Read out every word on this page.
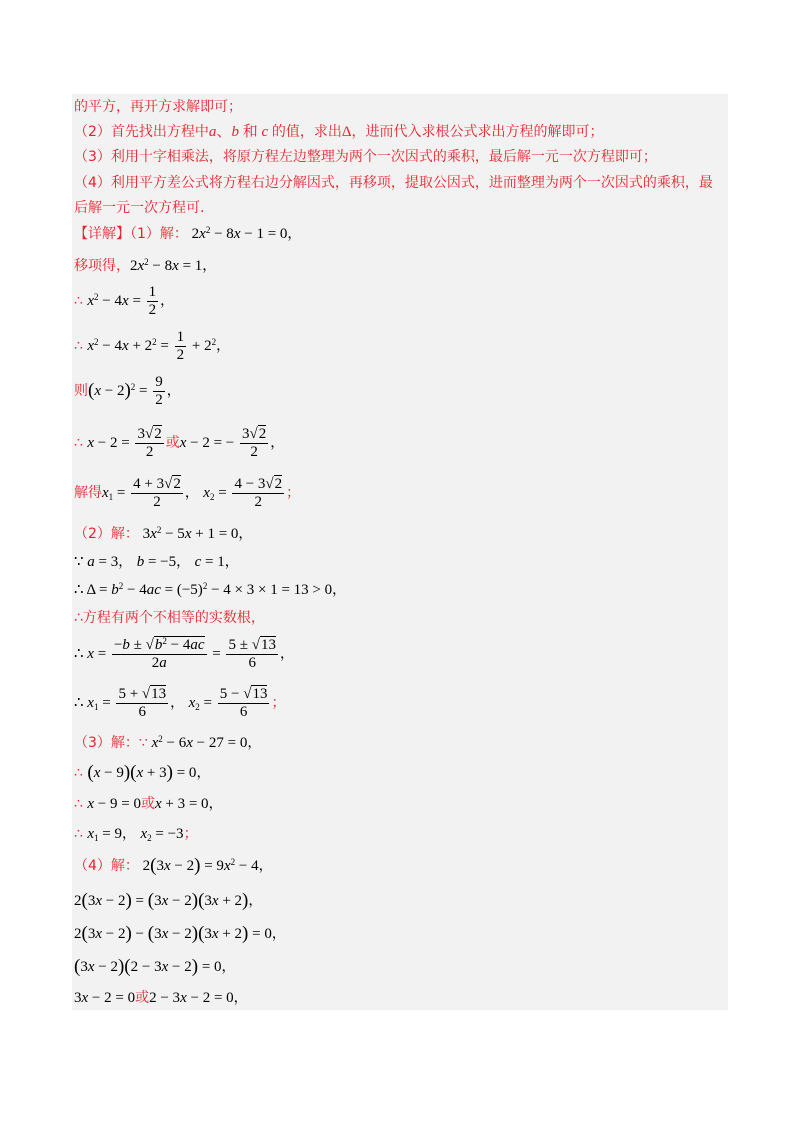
的平方，再开方求解即可；
（2）首先找出方程中a、b 和 c 的值，求出Δ，进而代入求根公式求出方程的解即可；
（3）利用十字相乘法，将原方程左边整理为两个一次因式的乘积，最后解一元一次方程即可；
（4）利用平方差公式将方程右边分解因式，再移项，提取公因式，进而整理为两个一次因式的乘积，最
后解一元一次方程可.
【详解】（1）解： $2x^2 - 8x - 1 = 0$，
移项得，$2x^2 - 8x = 1$，
∴ $x^2 - 4x = \frac{1}{2}$ ，
∴ $x^2 - 4x + 2^2 = \frac{1}{2} + 2^2$，
则$(x - 2)^2 = \frac{9}{2}$ ，
∴ $x - 2 = \frac{3√2}{2}$ 或x − 2 = − $\frac{3√2}{2}$ ，
解得$x_1 = \frac{4 + 3√2}{2}$ ， $x_2 = \frac{4 - 3√2}{2}$ ；
（2）解： $3x^2 - 5x + 1 = 0$，
∵ a = 3， b = −5， c = 1，
∴ $\Delta = b^2 - 4ac = (-5)^2 - 4 \times 3 \times 1 = 13 > 0$，
∴方程有两个不相等的实数根，
∴ $x = \frac{-b \pm √b^2 - 4ac}{2a} = \frac{5 \pm √13}{6}$ ，
∴ $x_1 = \frac{5 + √13}{6}$ ， $x_2 = \frac{5 - √13}{6}$ ；
（3）解：∵ $x^2 - 6x - 27 = 0$，
∴ (x − 9)(x + 3) = 0，
∴ x − 9 = 0或x + 3 = 0，
∴ $x_1 = 9$， $x_2 = -3$；
（4）解： $2(3x - 2) = 9x^2 - 4$，
2(3x − 2) = (3x − 2)(3x + 2)，
2(3x − 2) − (3x − 2)(3x + 2) = 0，
(3x − 2)(2 − 3x − 2) = 0，
3x − 2 = 0或2 − 3x − 2 = 0，
